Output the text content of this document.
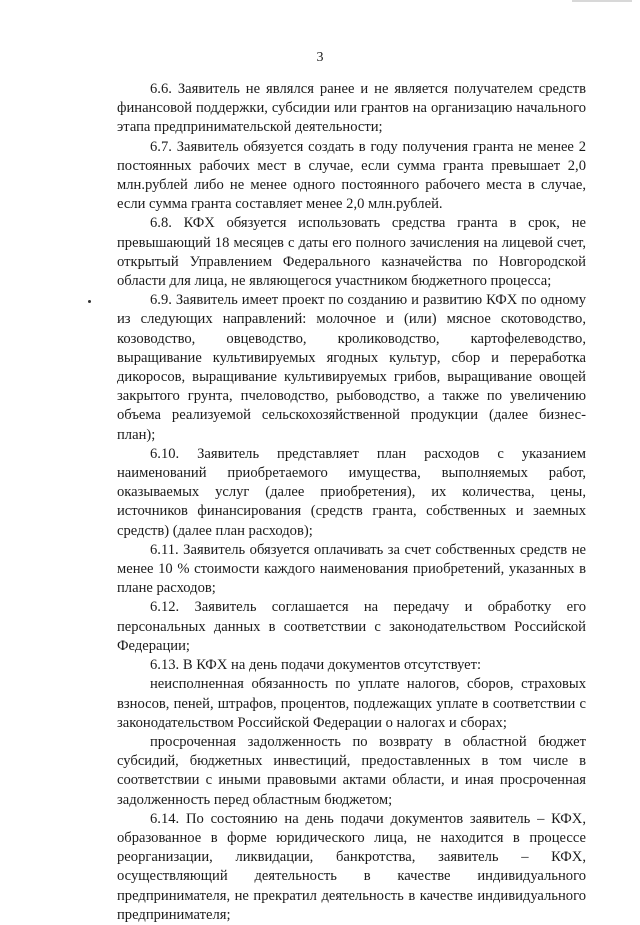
3

6.6. Заявитель не являлся ранее и не является получателем средств финансовой поддержки, субсидии или грантов на организацию начального этапа предпринимательской деятельности;

6.7. Заявитель обязуется создать в году получения гранта не менее 2 постоянных рабочих мест в случае, если сумма гранта превышает 2,0 млн.рублей либо не менее одного постоянного рабочего места в случае, если сумма гранта составляет менее 2,0 млн.рублей.

6.8. КФХ обязуется использовать средства гранта в срок, не превышающий 18 месяцев с даты его полного зачисления на лицевой счет, открытый Управлением Федерального казначейства по Новгородской области для лица, не являющегося участником бюджетного процесса;

6.9. Заявитель имеет проект по созданию и развитию КФХ по одному из следующих направлений: молочное и (или) мясное скотоводство, козоводство, овцеводство, кролиководство, картофелеводство, выращивание культивируемых ягодных культур, сбор и переработка дикоросов, выращивание культивируемых грибов, выращивание овощей закрытого грунта, пчеловодство, рыбоводство, а также по увеличению объема реализуемой сельскохозяйственной продукции (далее бизнес-план);

6.10. Заявитель представляет план расходов с указанием наименований приобретаемого имущества, выполняемых работ, оказываемых услуг (далее приобретения), их количества, цены, источников финансирования (средств гранта, собственных и заемных средств) (далее план расходов);

6.11. Заявитель обязуется оплачивать за счет собственных средств не менее 10 % стоимости каждого наименования приобретений, указанных в плане расходов;

6.12. Заявитель соглашается на передачу и обработку его персональных данных в соответствии с законодательством Российской Федерации;

6.13. В КФХ на день подачи документов отсутствует:

неисполненная обязанность по уплате налогов, сборов, страховых взносов, пеней, штрафов, процентов, подлежащих уплате в соответствии с законодательством Российской Федерации о налогах и сборах;

просроченная задолженность по возврату в областной бюджет субсидий, бюджетных инвестиций, предоставленных в том числе в соответствии с иными правовыми актами области, и иная просроченная задолженность перед областным бюджетом;

6.14. По состоянию на день подачи документов заявитель – КФХ, образованное в форме юридического лица, не находится в процессе реорганизации, ликвидации, банкротства, заявитель – КФХ, осуществляющий деятельность в качестве индивидуального предпринимателя, не прекратил деятельность в качестве индивидуального предпринимателя;
